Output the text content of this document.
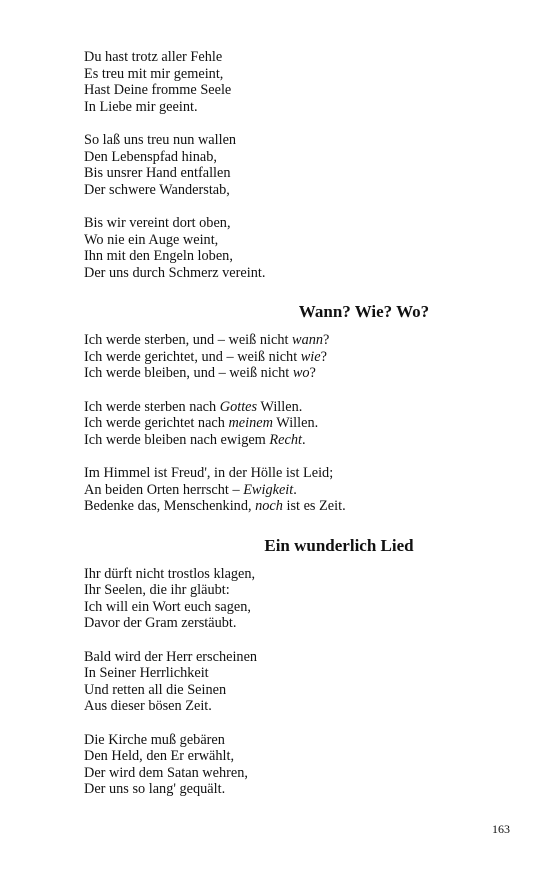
Du hast trotz aller Fehle
Es treu mit mir gemeint,
Hast Deine fromme Seele
In Liebe mir geeint.
So laß uns treu nun wallen
Den Lebenspfad hinab,
Bis unsrer Hand entfallen
Der schwere Wanderstab,
Bis wir vereint dort oben,
Wo nie ein Auge weint,
Ihn mit den Engeln loben,
Der uns durch Schmerz vereint.
Wann? Wie? Wo?
Ich werde sterben, und – weiß nicht wann?
Ich werde gerichtet, und – weiß nicht wie?
Ich werde bleiben, und – weiß nicht wo?
Ich werde sterben nach Gottes Willen.
Ich werde gerichtet nach meinem Willen.
Ich werde bleiben nach ewigem Recht.
Im Himmel ist Freud', in der Hölle ist Leid;
An beiden Orten herrscht – Ewigkeit.
Bedenke das, Menschenkind, noch ist es Zeit.
Ein wunderlich Lied
Ihr dürft nicht trostlos klagen,
Ihr Seelen, die ihr gläubt:
Ich will ein Wort euch sagen,
Davor der Gram zerstäubt.
Bald wird der Herr erscheinen
In Seiner Herrlichkeit
Und retten all die Seinen
Aus dieser bösen Zeit.
Die Kirche muß gebären
Den Held, den Er erwählt,
Der wird dem Satan wehren,
Der uns so lang' gequält.
163
